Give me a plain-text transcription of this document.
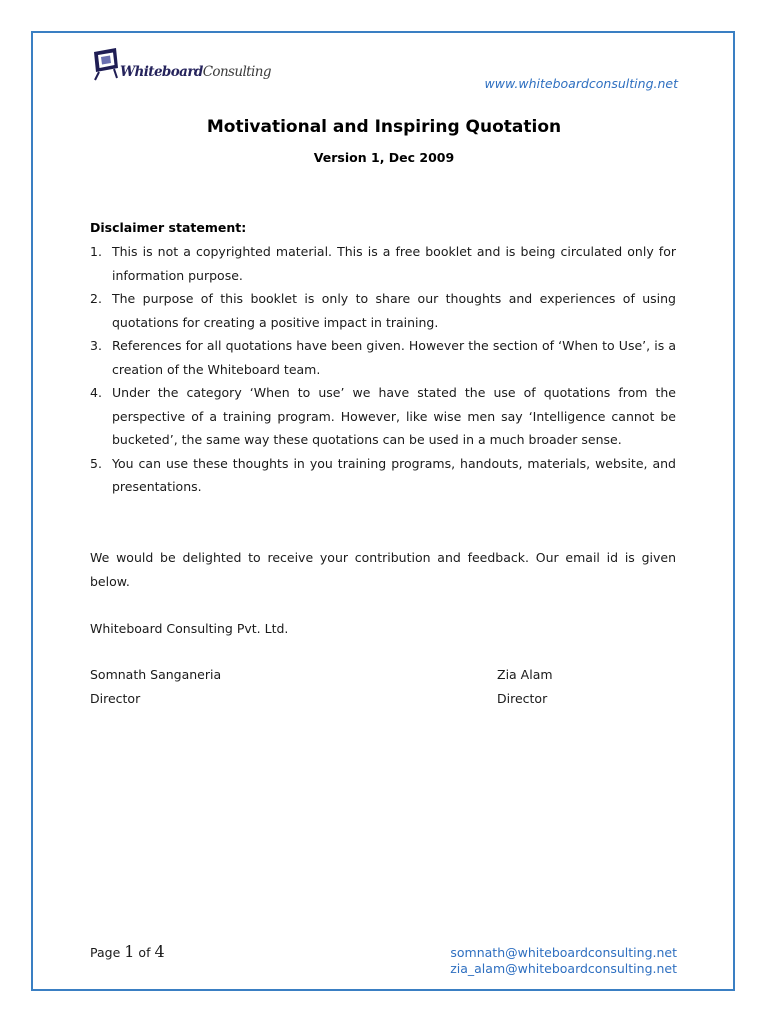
WhiteboardConsulting
www.whiteboardconsulting.net
Motivational and Inspiring Quotation
Version 1, Dec 2009
Disclaimer statement:
1. This is not a copyrighted material. This is a free booklet and is being circulated only for information purpose.
2. The purpose of this booklet is only to share our thoughts and experiences of using quotations for creating a positive impact in training.
3. References for all quotations have been given. However the section of ‘When to Use’, is a creation of the Whiteboard team.
4. Under the category ‘When to use’ we have stated the use of quotations from the perspective of a training program. However, like wise men say ‘Intelligence cannot be bucketed’, the same way these quotations can be used in a much broader sense.
5. You can use these thoughts in you training programs, handouts, materials, website, and presentations.

We would be delighted to receive your contribution and feedback. Our email id is given below.

Whiteboard Consulting Pvt. Ltd.

Somnath Sanganeria
Director
Zia Alam
Director
Page 1 of 4	somnath@whiteboardconsulting.net
zia_alam@whiteboardconsulting.net
